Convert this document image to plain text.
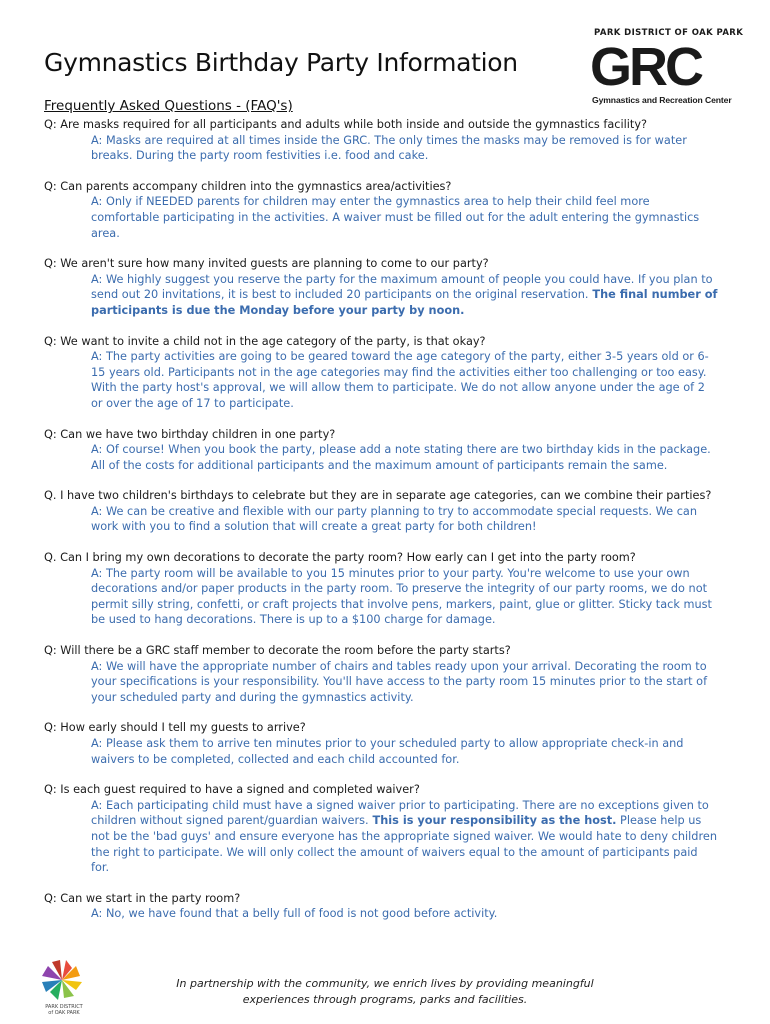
Gymnastics Birthday Party Information
PARK DISTRICT OF OAK PARK
GRC
Gymnastics and Recreation Center
Frequently Asked Questions - (FAQ's)

Q: Are masks required for all participants and adults while both inside and outside the gymnastics facility?

A: Masks are required at all times inside the GRC. The only times the masks may be removed is for water breaks. During the party room festivities i.e. food and cake.

Q: Can parents accompany children into the gymnastics area/activities?

A: Only if NEEDED parents for children may enter the gymnastics area to help their child feel more comfortable participating in the activities. A waiver must be filled out for the adult entering the gymnastics area.

Q: We aren't sure how many invited guests are planning to come to our party?

A: We highly suggest you reserve the party for the maximum amount of people you could have. If you plan to send out 20 invitations, it is best to included 20 participants on the original reservation. The final number of participants is due the Monday before your party by noon.

Q: We want to invite a child not in the age category of the party, is that okay?

A: The party activities are going to be geared toward the age category of the party, either 3-5 years old or 6-15 years old. Participants not in the age categories may find the activities either too challenging or too easy. With the party host's approval, we will allow them to participate. We do not allow anyone under the age of 2 or over the age of 17 to participate.

Q: Can we have two birthday children in one party?

A: Of course! When you book the party, please add a note stating there are two birthday kids in the package. All of the costs for additional participants and the maximum amount of participants remain the same.

Q. I have two children's birthdays to celebrate but they are in separate age categories, can we combine their parties?

A: We can be creative and flexible with our party planning to try to accommodate special requests. We can work with you to find a solution that will create a great party for both children!

Q. Can I bring my own decorations to decorate the party room? How early can I get into the party room?

A: The party room will be available to you 15 minutes prior to your party. You're welcome to use your own decorations and/or paper products in the party room. To preserve the integrity of our party rooms, we do not permit silly string, confetti, or craft projects that involve pens, markers, paint, glue or glitter. Sticky tack must be used to hang decorations. There is up to a $100 charge for damage.

Q: Will there be a GRC staff member to decorate the room before the party starts?

A: We will have the appropriate number of chairs and tables ready upon your arrival. Decorating the room to your specifications is your responsibility. You'll have access to the party room 15 minutes prior to the start of your scheduled party and during the gymnastics activity.

Q: How early should I tell my guests to arrive?

A: Please ask them to arrive ten minutes prior to your scheduled party to allow appropriate check-in and waivers to be completed, collected and each child accounted for.

Q: Is each guest required to have a signed and completed waiver?

A: Each participating child must have a signed waiver prior to participating. There are no exceptions given to children without signed parent/guardian waivers. This is your responsibility as the host. Please help us not be the 'bad guys' and ensure everyone has the appropriate signed waiver. We would hate to deny children the right to participate. We will only collect the amount of waivers equal to the amount of participants paid for.

Q: Can we start in the party room?

A: No, we have found that a belly full of food is not good before activity.

PARK DISTRICT of OAK PARK
In partnership with the community, we enrich lives by providing meaningful
experiences through programs, parks and facilities.
